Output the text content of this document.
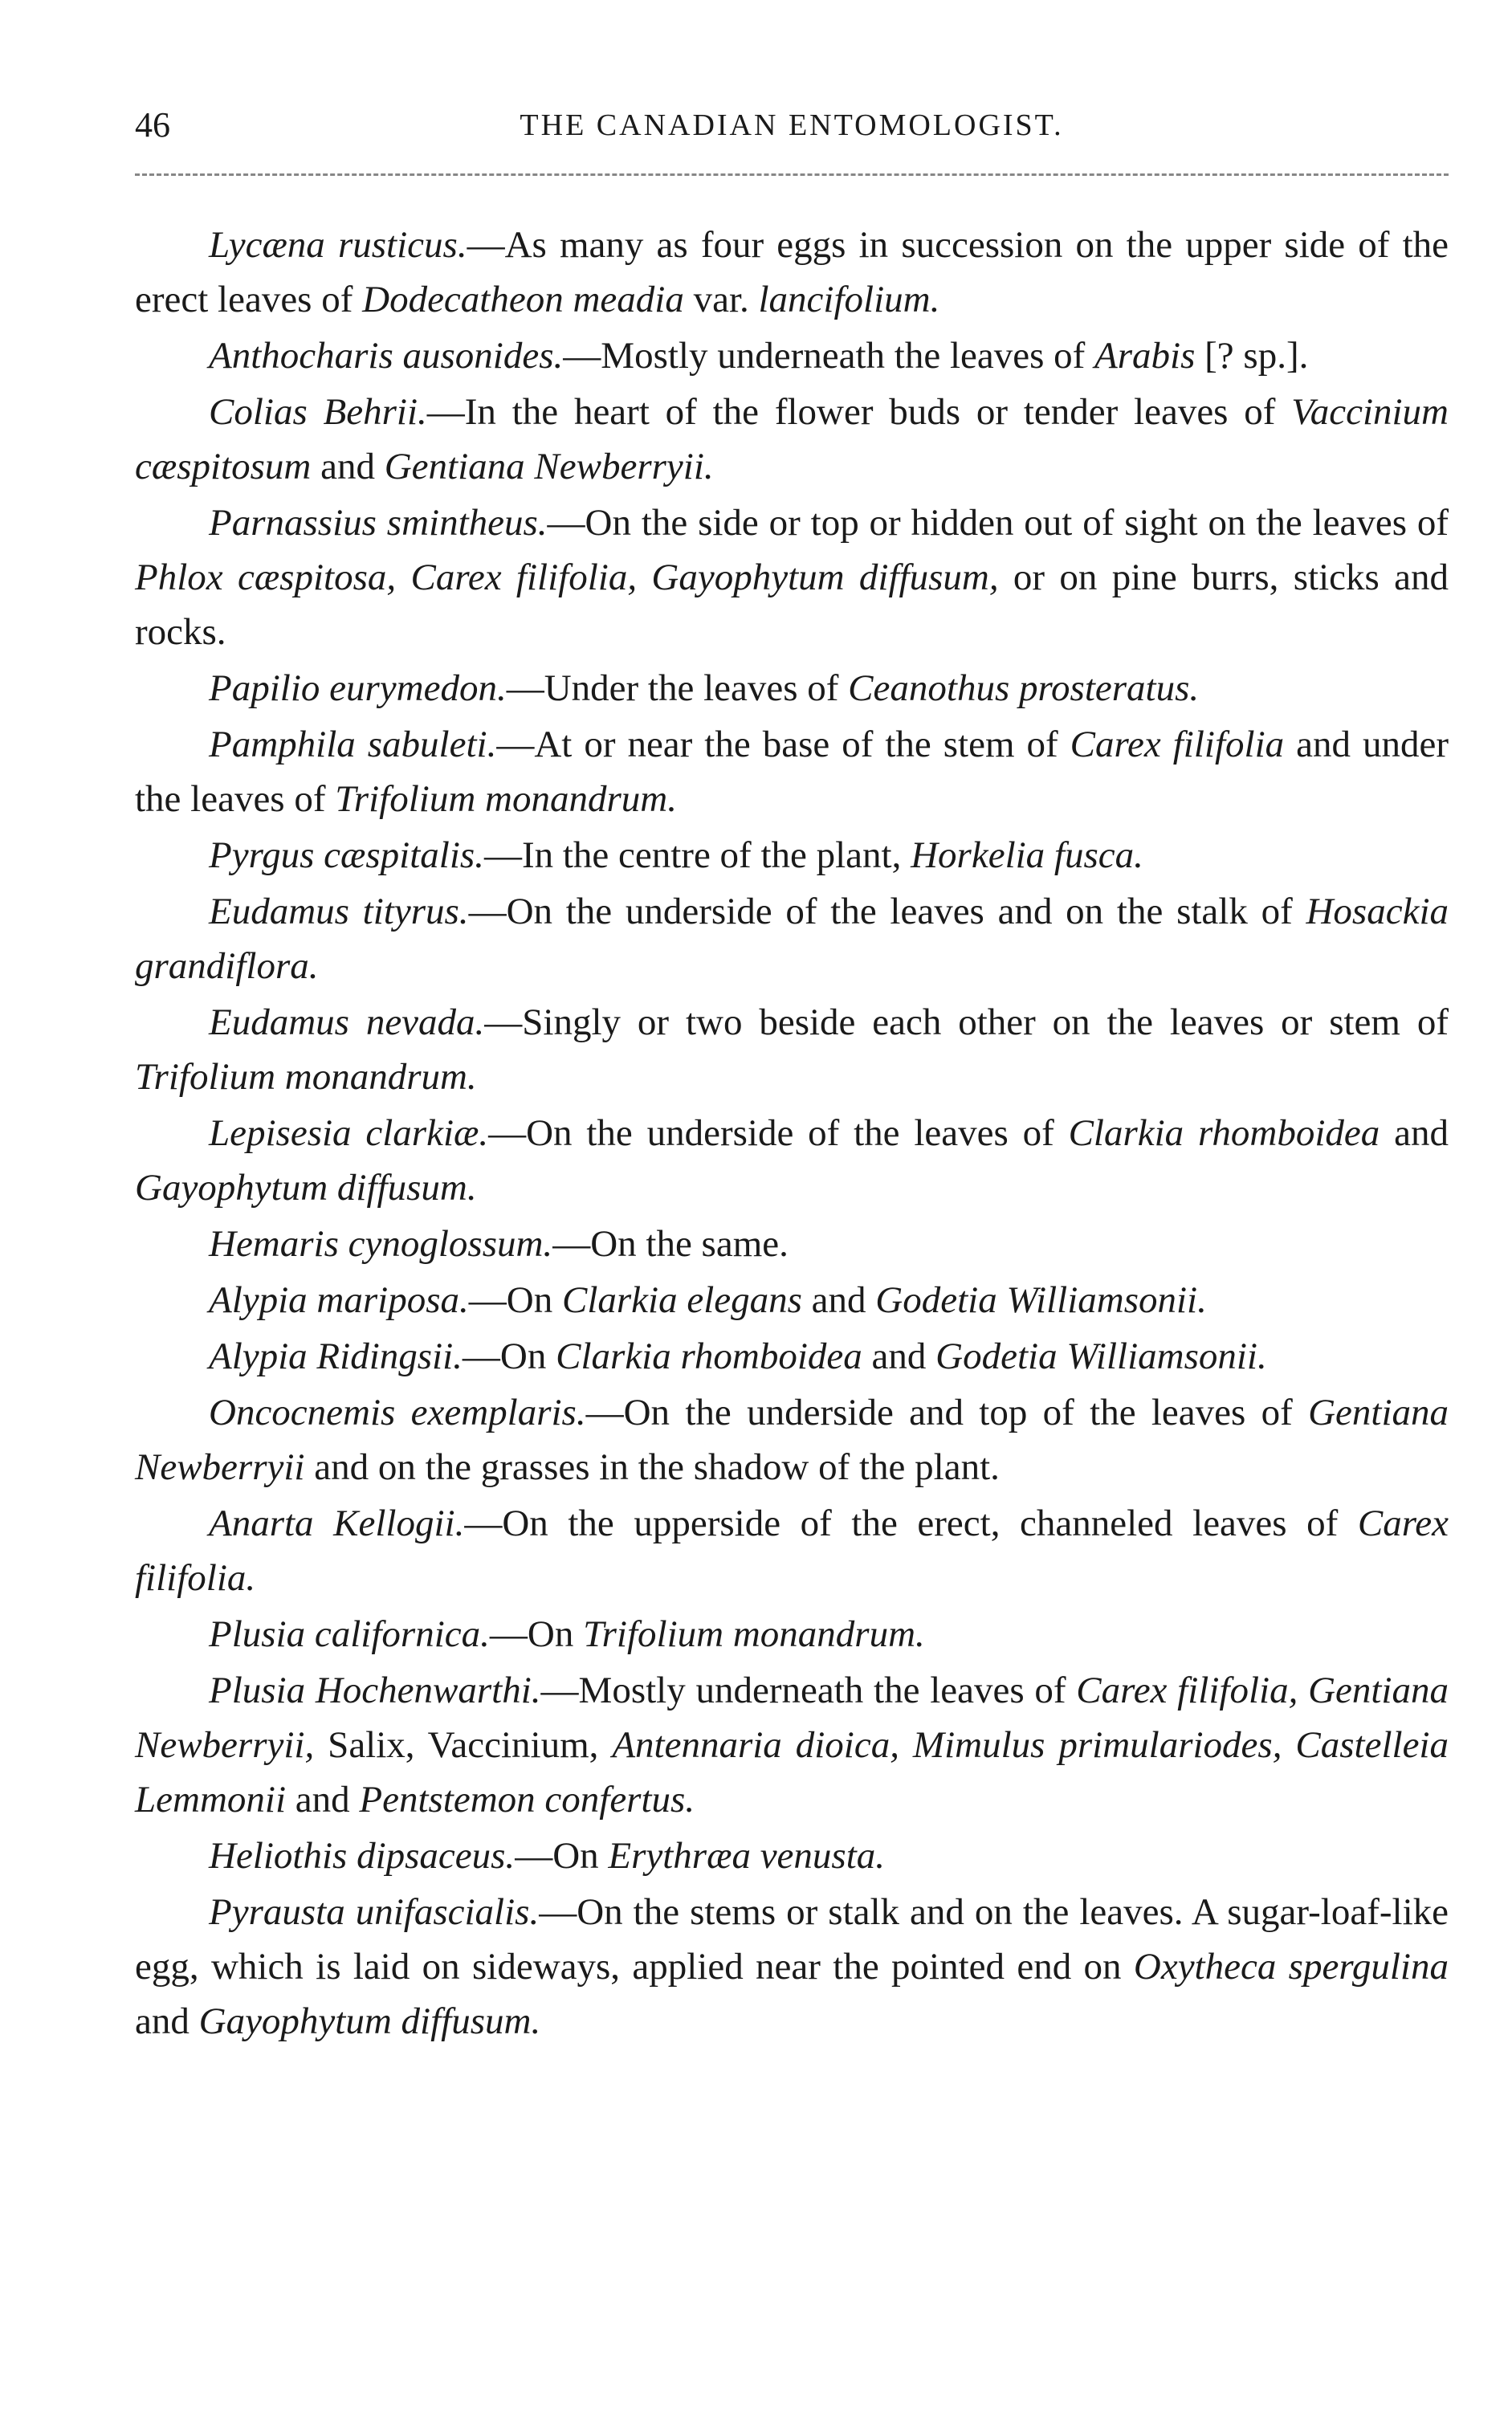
46	THE CANADIAN ENTOMOLOGIST.

Lycæna rusticus.—As many as four eggs in succession on the upper side of the erect leaves of Dodecatheon meadia var. lancifolium.

Anthocharis ausonides.—Mostly underneath the leaves of Arabis [? sp.].

Colias Behrii.—In the heart of the flower buds or tender leaves of Vaccinium cæspitosum and Gentiana Newberryii.

Parnassius smintheus.—On the side or top or hidden out of sight on the leaves of Phlox cæspitosa, Carex filifolia, Gayophytum diffusum, or on pine burrs, sticks and rocks.

Papilio eurymedon.—Under the leaves of Ceanothus prosteratus.

Pamphila sabuleti.—At or near the base of the stem of Carex filifolia and under the leaves of Trifolium monandrum.

Pyrgus cæspitalis.—In the centre of the plant, Horkelia fusca.

Eudamus tityrus.—On the underside of the leaves and on the stalk of Hosackia grandiflora.

Eudamus nevada.—Singly or two beside each other on the leaves or stem of Trifolium monandrum.

Lepisesia clarkiæ.—On the underside of the leaves of Clarkia rhomboidea and Gayophytum diffusum.

Hemaris cynoglossum.—On the same.

Alypia mariposa.—On Clarkia elegans and Godetia Williamsonii.

Alypia Ridingsii.—On Clarkia rhomboidea and Godetia Williamsonii.

Oncocnemis exemplaris.—On the underside and top of the leaves of Gentiana Newberryii and on the grasses in the shadow of the plant.

Anarta Kellogii.—On the upperside of the erect, channeled leaves of Carex filifolia.

Plusia californica.—On Trifolium monandrum.

Plusia Hochenwarthi.—Mostly underneath the leaves of Carex filifolia, Gentiana Newberryii, Salix, Vaccinium, Antennaria dioica, Mimulus primulariodes, Castelleia Lemmonii and Pentstemon confertus.

Heliothis dipsaceus.—On Erythræa venusta.

Pyrausta unifascialis.—On the stems or stalk and on the leaves. A sugar-loaf-like egg, which is laid on sideways, applied near the pointed end on Oxytheca spergulina and Gayophytum diffusum.
